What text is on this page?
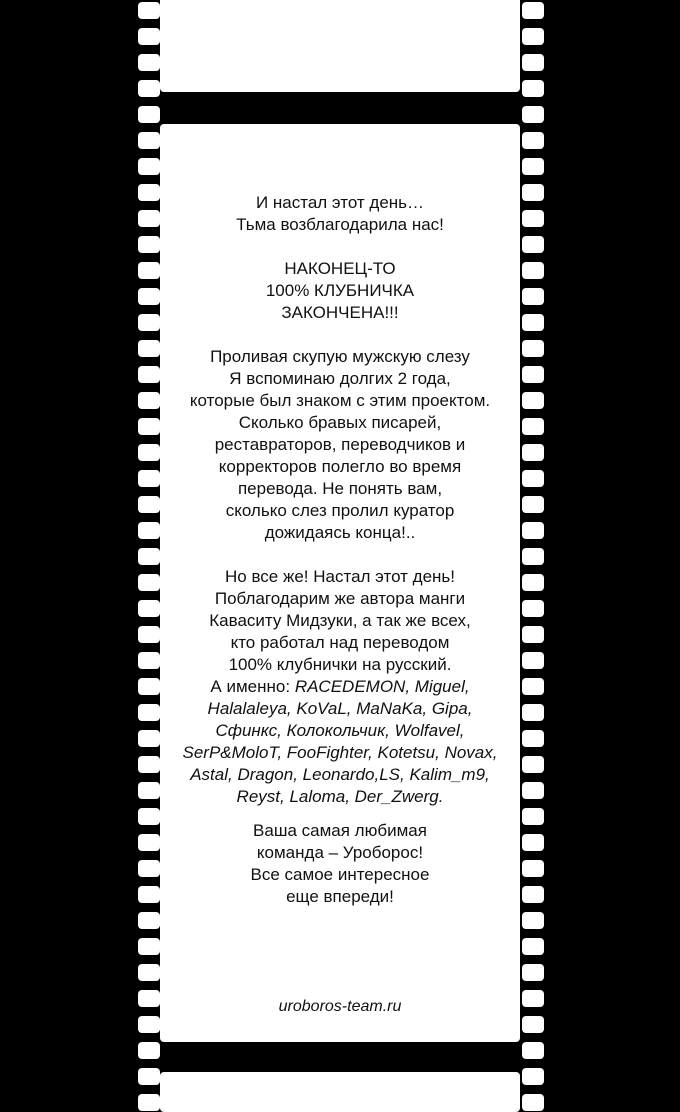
И настал этот день…
Тьма возблагодарила нас!
НАКОНЕЦ-ТО
100% КЛУБНИЧКА
ЗАКОНЧЕНА!!!
Проливая скупую мужскую слезу
Я вспоминаю долгих 2 года,
которые был знаком с этим проектом.
Сколько бравых писарей,
реставраторов, переводчиков и
корректоров полегло во время
перевода. Не понять вам,
сколько слез пролил куратор
дожидаясь конца!..
Но все же! Настал этот день!
Поблагодарим же автора манги
Каваситу Мидзуки, а так же всех,
кто работал над переводом
100% клубнички на русский.
А именно: RACEDEMON, Miguel,
Halalaleya, KoVaL, MaNaKa, Gipa,
Сфинкс, Колокольчик, Wolfavel,
SerP&MoloT, FooFighter, Kotetsu, Novax,
Astal, Dragon, Leonardo,LS, Kalim_m9,
Reyst, Laloma, Der_Zwerg.
Ваша самая любимая
команда – Уроборос!
Все самое интересное
еще впереди!
uroboros-team.ru
